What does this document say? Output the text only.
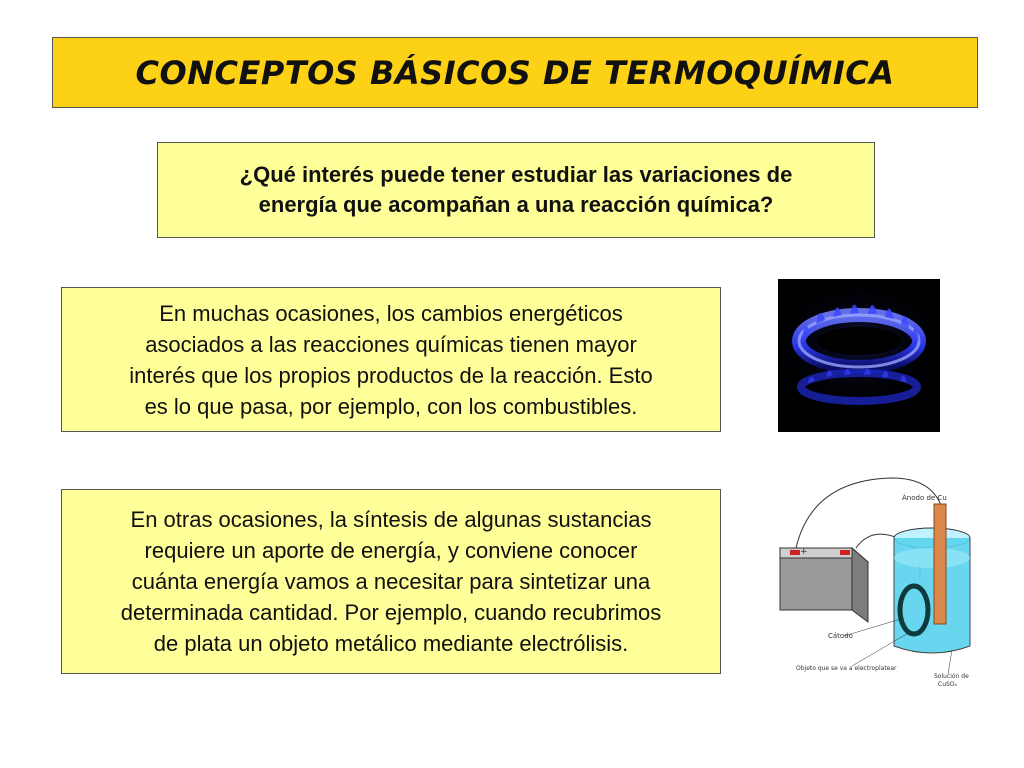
CONCEPTOS BÁSICOS DE TERMOQUÍMICA
¿Qué interés puede tener estudiar las variaciones de
energía que acompañan a una reacción química?
En muchas ocasiones, los cambios energéticos
asociados a las reacciones químicas tienen mayor
interés que los propios productos de la reacción. Esto
es lo que pasa, por ejemplo, con los combustibles.
En otras ocasiones, la síntesis de algunas sustancias
requiere un aporte de energía, y conviene conocer
cuánta energía vamos a necesitar para sintetizar una
determinada cantidad. Por ejemplo, cuando recubrimos
de plata un objeto metálico mediante electrólisis.
+
Ánodo de Cu
Cátodo
Objeto que se va a electroplatear
Solución de
CuSO₄
